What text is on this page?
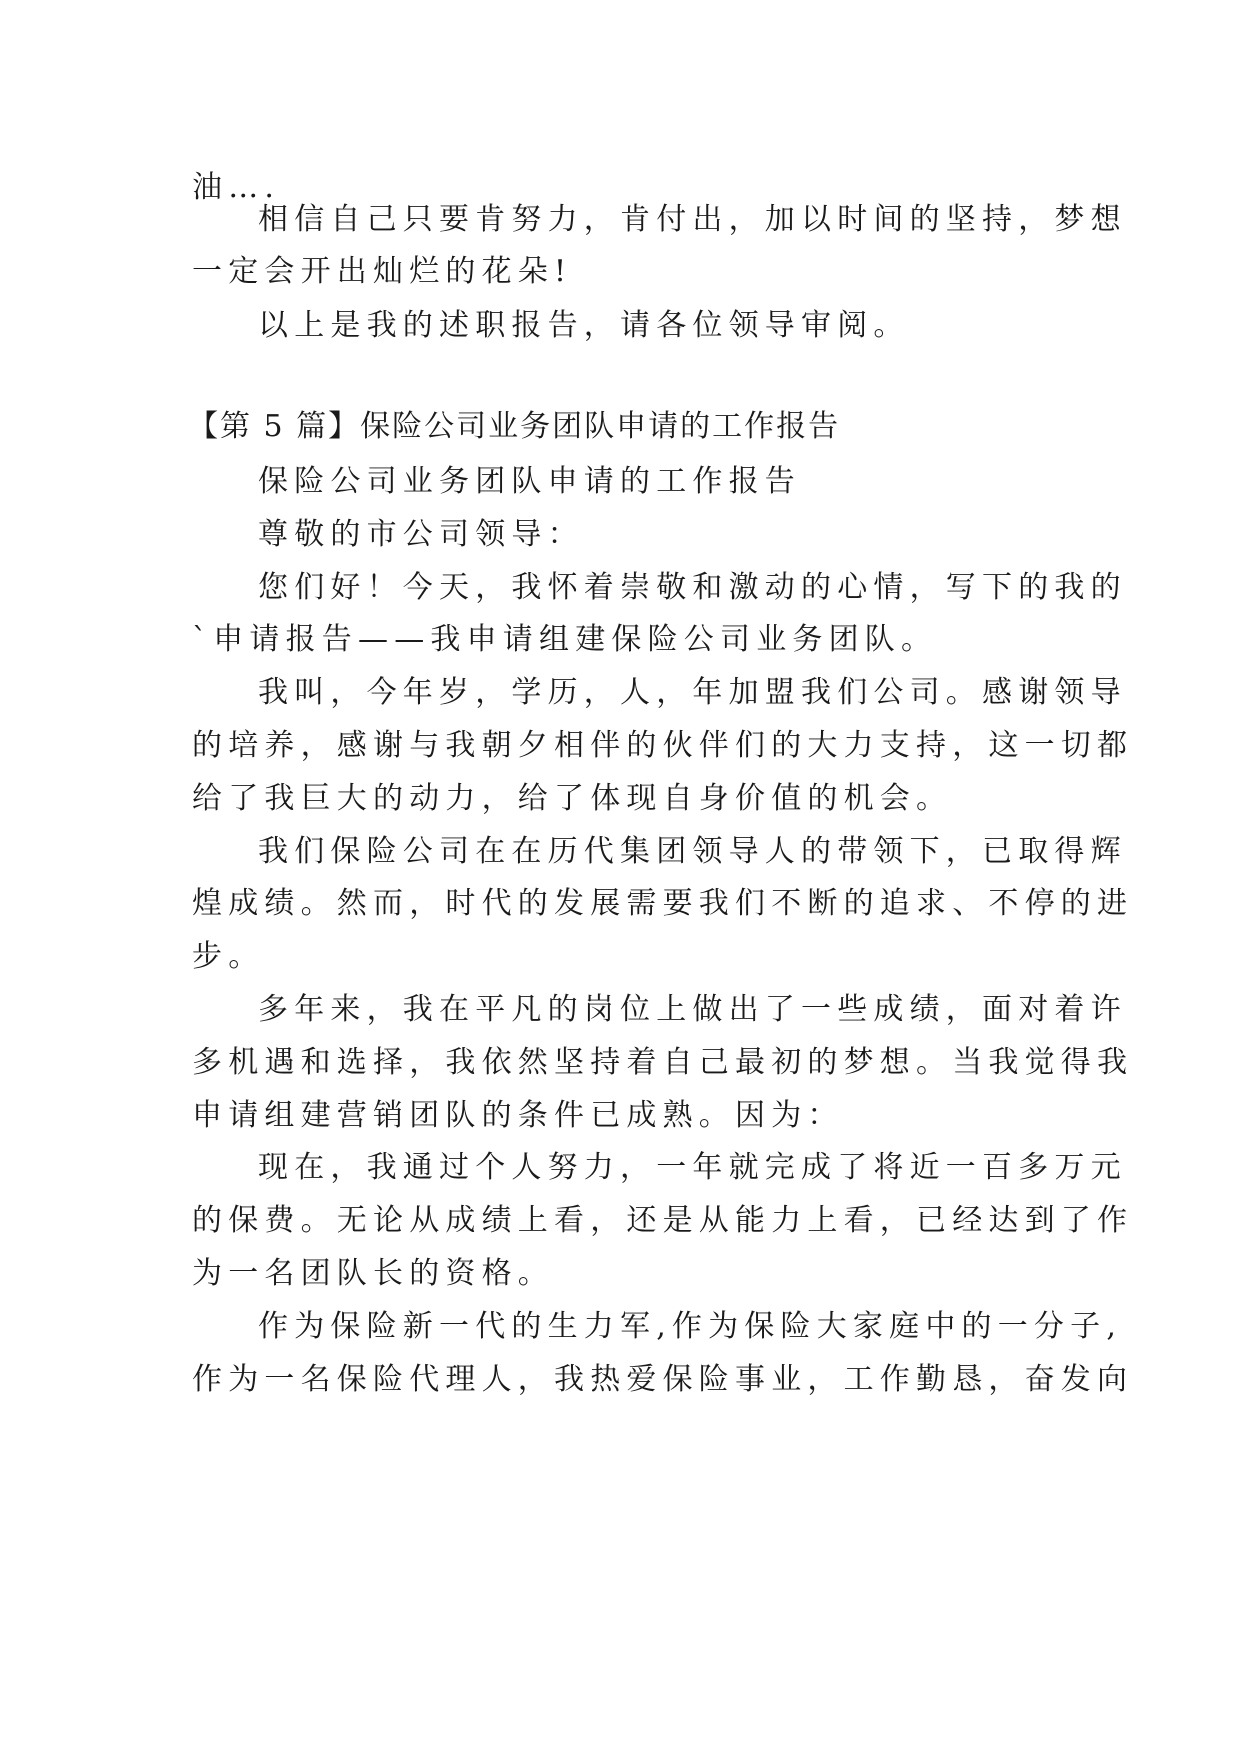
油….
相信自己只要肯努力，肯付出，加以时间的坚持，梦想
一定会开出灿烂的花朵!
以上是我的述职报告，请各位领导审阅。
【第 5 篇】保险公司业务团队申请的工作报告
保险公司业务团队申请的工作报告
尊敬的市公司领导：
您们好！今天，我怀着崇敬和激动的心情，写下的我的
`申请报告——我申请组建保险公司业务团队。
我叫，今年岁，学历，人，年加盟我们公司。感谢领导
的培养，感谢与我朝夕相伴的伙伴们的大力支持，这一切都
给了我巨大的动力，给了体现自身价值的机会。
我们保险公司在在历代集团领导人的带领下，已取得辉
煌成绩。然而，时代的发展需要我们不断的追求、不停的进
步。
多年来，我在平凡的岗位上做出了一些成绩，面对着许
多机遇和选择，我依然坚持着自己最初的梦想。当我觉得我
申请组建营销团队的条件已成熟。因为：
现在，我通过个人努力，一年就完成了将近一百多万元
的保费。无论从成绩上看，还是从能力上看，已经达到了作
为一名团队长的资格。
作为保险新一代的生力军,作为保险大家庭中的一分子,
作为一名保险代理人，我热爱保险事业，工作勤恳，奋发向
